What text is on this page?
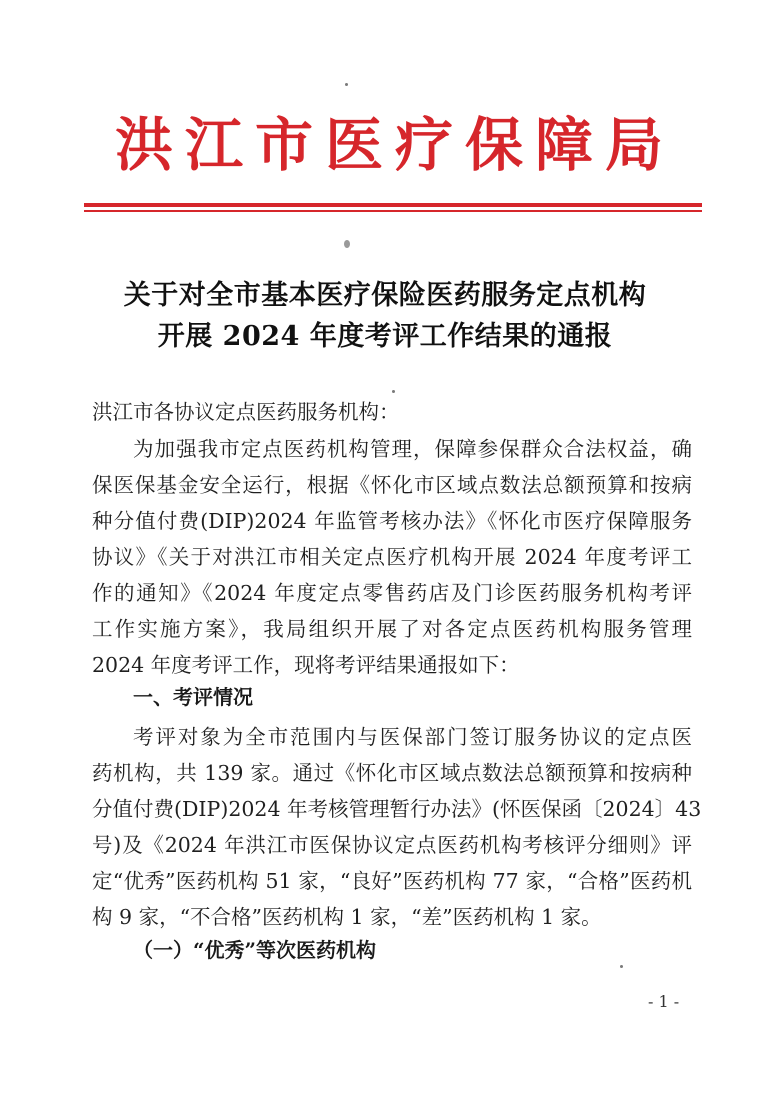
洪江市医疗保障局
关于对全市基本医疗保险医药服务定点机构
开展 2024 年度考评工作结果的通报
洪江市各协议定点医药服务机构：
为加强我市定点医药机构管理，保障参保群众合法权益，确
保医保基金安全运行，根据《怀化市区域点数法总额预算和按病
种分值付费(DIP)2024 年监管考核办法》《怀化市医疗保障服务
协议》《关于对洪江市相关定点医疗机构开展 2024 年度考评工
作的通知》《2024 年度定点零售药店及门诊医药服务机构考评
工作实施方案》，我局组织开展了对各定点医药机构服务管理
2024 年度考评工作，现将考评结果通报如下：
一、考评情况
考评对象为全市范围内与医保部门签订服务协议的定点医
药机构，共 139 家。通过《怀化市区域点数法总额预算和按病种
分值付费(DIP)2024 年考核管理暂行办法》(怀医保函〔2024〕43
号)及《2024 年洪江市医保协议定点医药机构考核评分细则》评
定“优秀”医药机构 51 家，“良好”医药机构 77 家，“合格”医药机
构 9 家，“不合格”医药机构 1 家，“差”医药机构 1 家。
（一）“优秀”等次医药机构
- 1 -
